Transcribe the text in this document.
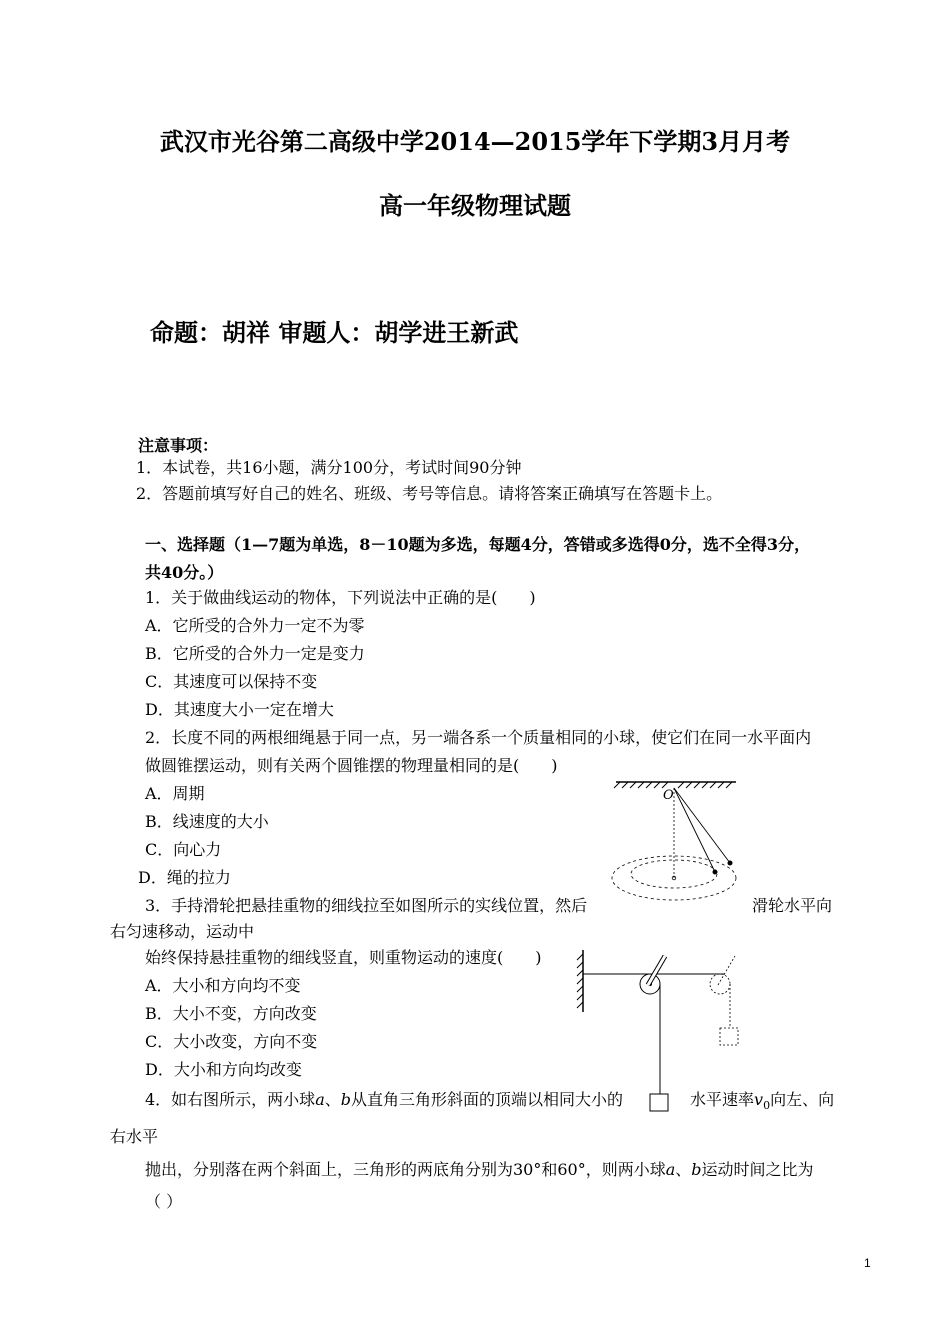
武汉市光谷第二高级中学2014—2015学年下学期3月月考
高一年级物理试题
命题：胡祥 审题人：胡学进王新武
注意事项：
1．本试卷，共16小题，满分100分，考试时间90分钟
2．答题前填写好自己的姓名、班级、考号等信息。请将答案正确填写在答题卡上。
一、选择题（1—7题为单选，8－10题为多选，每题4分，答错或多选得0分，选不全得3分，
共40分。）
1．关于做曲线运动的物体，下列说法中正确的是(　　)
A．它所受的合外力一定不为零
B．它所受的合外力一定是变力
C．其速度可以保持不变
D．其速度大小一定在增大
2．长度不同的两根细绳悬于同一点，另一端各系一个质量相同的小球，使它们在同一水平面内
做圆锥摆运动，则有关两个圆锥摆的物理量相同的是(　　)
A．周期
B．线速度的大小
C．向心力
D．绳的拉力
O
3．手持滑轮把悬挂重物的细线拉至如图所示的实线位置，然后	滑轮水平向
右匀速移动，运动中
始终保持悬挂重物的细线竖直，则重物运动的速度(　　)
A．大小和方向均不变
B．大小不变，方向改变
C．大小改变，方向不变
D．大小和方向均改变
4．如右图所示，两小球a、b从直角三角形斜面的顶端以相同大小的	水平速率$v_0$向左、向
右水平
抛出，分别落在两个斜面上，三角形的两底角分别为30°和60°，则两小球a、b运动时间之比为
（ ）
1
